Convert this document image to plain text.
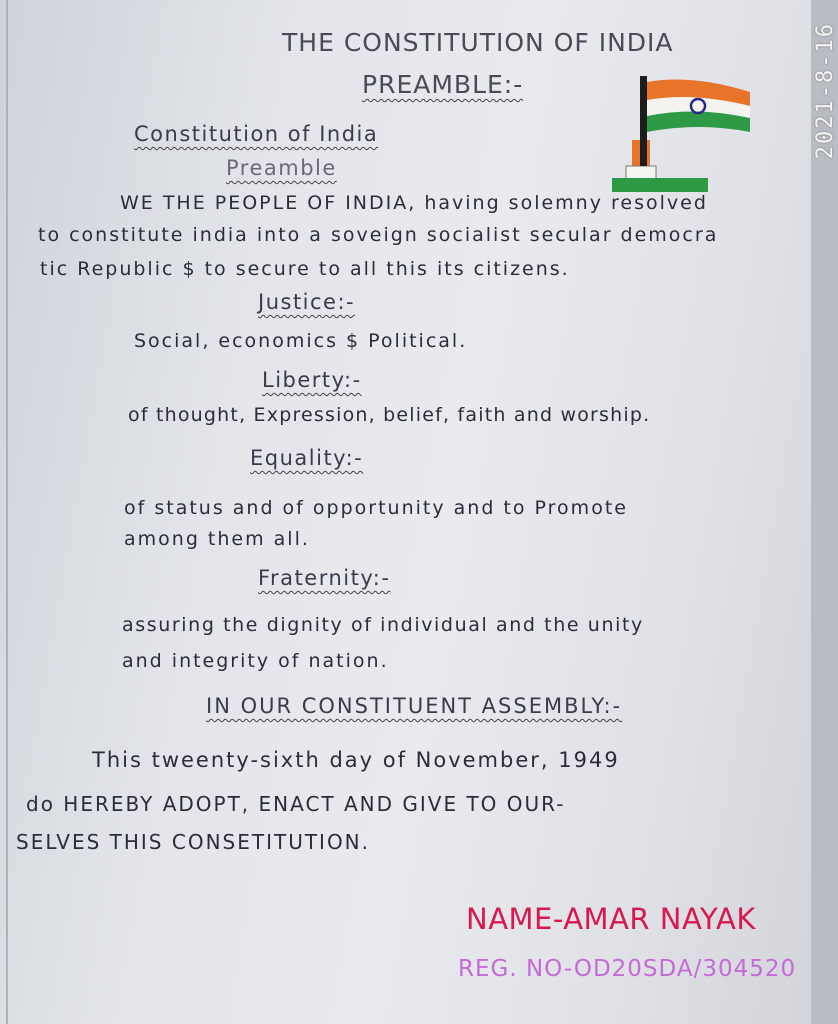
THE CONSTITUTION OF INDIA
PREAMBLE:-
Constitution of India
Preamble
WE THE PEOPLE OF INDIA, having solemny resolved
to constitute india into a soveign socialist secular democra
tic Republic $ to secure to all this its citizens.
Justice:-
Social, economics $ Political.
Liberty:-
of thought, Expression, belief, faith and worship.
Equality:-
of status and of opportunity and to Promote
among them all.
Fraternity:-
assuring the dignity of individual and the unity
and integrity of nation.
IN OUR CONSTITUENT ASSEMBLY:-
This tweenty-sixth day of November, 1949
do HEREBY ADOPT, ENACT AND GIVE TO OUR-
SELVES THIS CONSETITUTION.
NAME-AMAR NAYAK
REG. NO-OD20SDA/304520
2021-8-16
